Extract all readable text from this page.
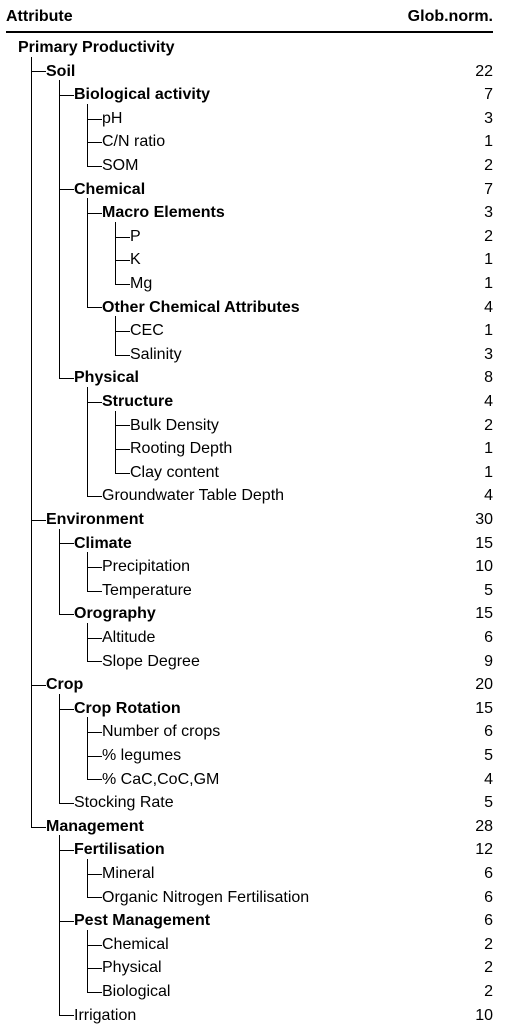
Attribute	Glob.norm.
Primary Productivity
Soil	22
Biological activity	7
pH	3
C/N ratio	1
SOM	2
Chemical	7
Macro Elements	3
P	2
K	1
Mg	1
Other Chemical Attributes	4
CEC	1
Salinity	3
Physical	8
Structure	4
Bulk Density	2
Rooting Depth	1
Clay content	1
Groundwater Table Depth	4
Environment	30
Climate	15
Precipitation	10
Temperature	5
Orography	15
Altitude	6
Slope Degree	9
Crop	20
Crop Rotation	15
Number of crops	6
% legumes	5
% CaC,CoC,GM	4
Stocking Rate	5
Management	28
Fertilisation	12
Mineral	6
Organic Nitrogen Fertilisation	6
Pest Management	6
Chemical	2
Physical	2
Biological	2
Irrigation	10
